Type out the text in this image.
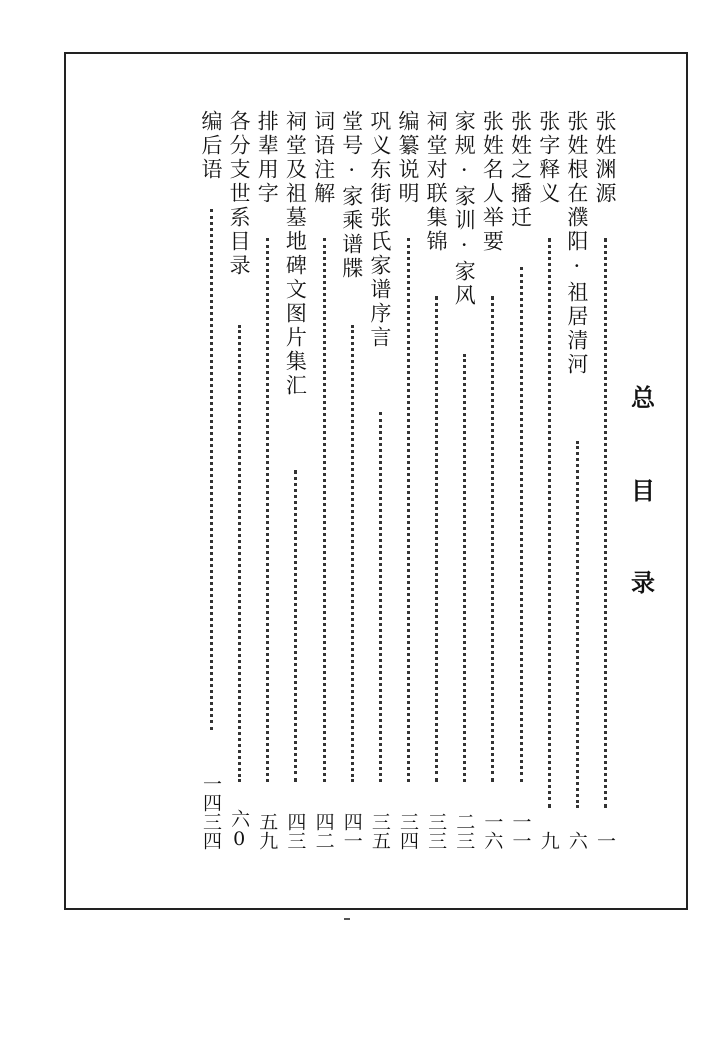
总
目
录
张姓渊源
一
张姓根在濮阳·祖居清河
六
张字释义
九
张姓之播迁
一一
张姓名人举要
一六
家规·家训·家风
二三
祠堂对联集锦
三三
编纂说明
三四
巩义东街张氏家谱序言
三五
堂号·家乘谱牒
四一
词语注解
四二
祠堂及祖墓地碑文图片集汇
四三
排辈用字
五九
各分支世系目录
六0
编后语
一四三四
